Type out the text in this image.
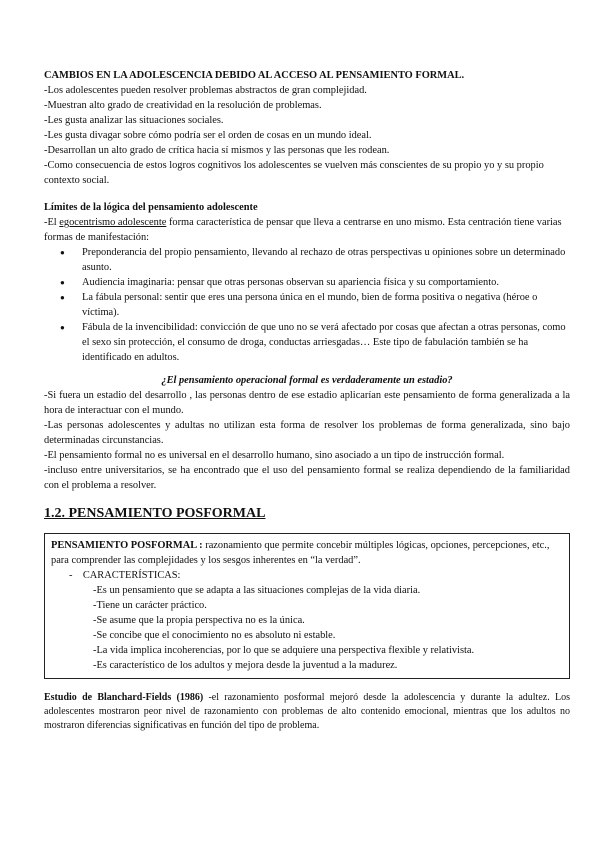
CAMBIOS EN LA ADOLESCENCIA DEBIDO AL ACCESO AL PENSAMIENTO FORMAL.

-Los adolescentes pueden resolver problemas abstractos de gran complejidad.

-Muestran alto grado de creatividad en la resolución de problemas.

-Les gusta analizar las situaciones sociales.

-Les gusta divagar sobre cómo podría ser el orden de cosas en un mundo ideal.

-Desarrollan un alto grado de crítica hacia sí mismos y las personas que les rodean.

-Como consecuencia de estos logros cognitivos los adolescentes se vuelven más conscientes de su propio yo y su propio contexto social.

Límites de la lógica del pensamiento adolescente

-El egocentrismo adolescente forma característica de pensar que lleva a centrarse en uno mismo. Esta centración tiene varias formas de manifestación:

● Preponderancia del propio pensamiento, llevando al rechazo de otras perspectivas u opiniones sobre un determinado asunto.
● Audiencia imaginaria: pensar que otras personas observan su apariencia física y su comportamiento.
● La fábula personal: sentir que eres una persona única en el mundo, bien de forma positiva o negativa (héroe o víctima).
● Fábula de la invencibilidad: convicción de que uno no se verá afectado por cosas que afectan a otras personas, como el sexo sin protección, el consumo de droga, conductas arriesgadas… Este tipo de fabulación también se ha identificado en adultos.

¿El pensamiento operacional formal es verdaderamente un estadio?

-Si fuera un estadio del desarrollo , las personas dentro de ese estadio aplicarían este pensamiento de forma generalizada a la hora de interactuar con el mundo.

-Las personas adolescentes y adultas no utilizan esta forma de resolver los problemas de forma generalizada, sino bajo determinadas circunstancias.

-El pensamiento formal no es universal en el desarrollo humano, sino asociado a un tipo de instrucción formal.

-incluso entre universitarios, se ha encontrado que el uso del pensamiento formal se realiza dependiendo de la familiaridad con el problema a resolver.

1.2. PENSAMIENTO POSFORMAL

PENSAMIENTO POSFORMAL : razonamiento que permite concebir múltiples lógicas, opciones, percepciones, etc., para comprender las complejidades y los sesgos inherentes en “la verdad”.

- CARACTERÍSTICAS:

-Es un pensamiento que se adapta a las situaciones complejas de la vida diaria.

-Tiene un carácter práctico.

-Se asume que la propia perspectiva no es la única.

-Se concibe que el conocimiento no es absoluto ni estable.

-La vida implica incoherencias, por lo que se adquiere una perspectiva flexible y relativista.

-Es característico de los adultos y mejora desde la juventud a la madurez.

Estudio de Blanchard-Fields (1986) -el razonamiento posformal mejoró desde la adolescencia y durante la adultez. Los adolescentes mostraron peor nivel de razonamiento con problemas de alto contenido emocional, mientras que los adultos no mostraron diferencias significativas en función del tipo de problema.
